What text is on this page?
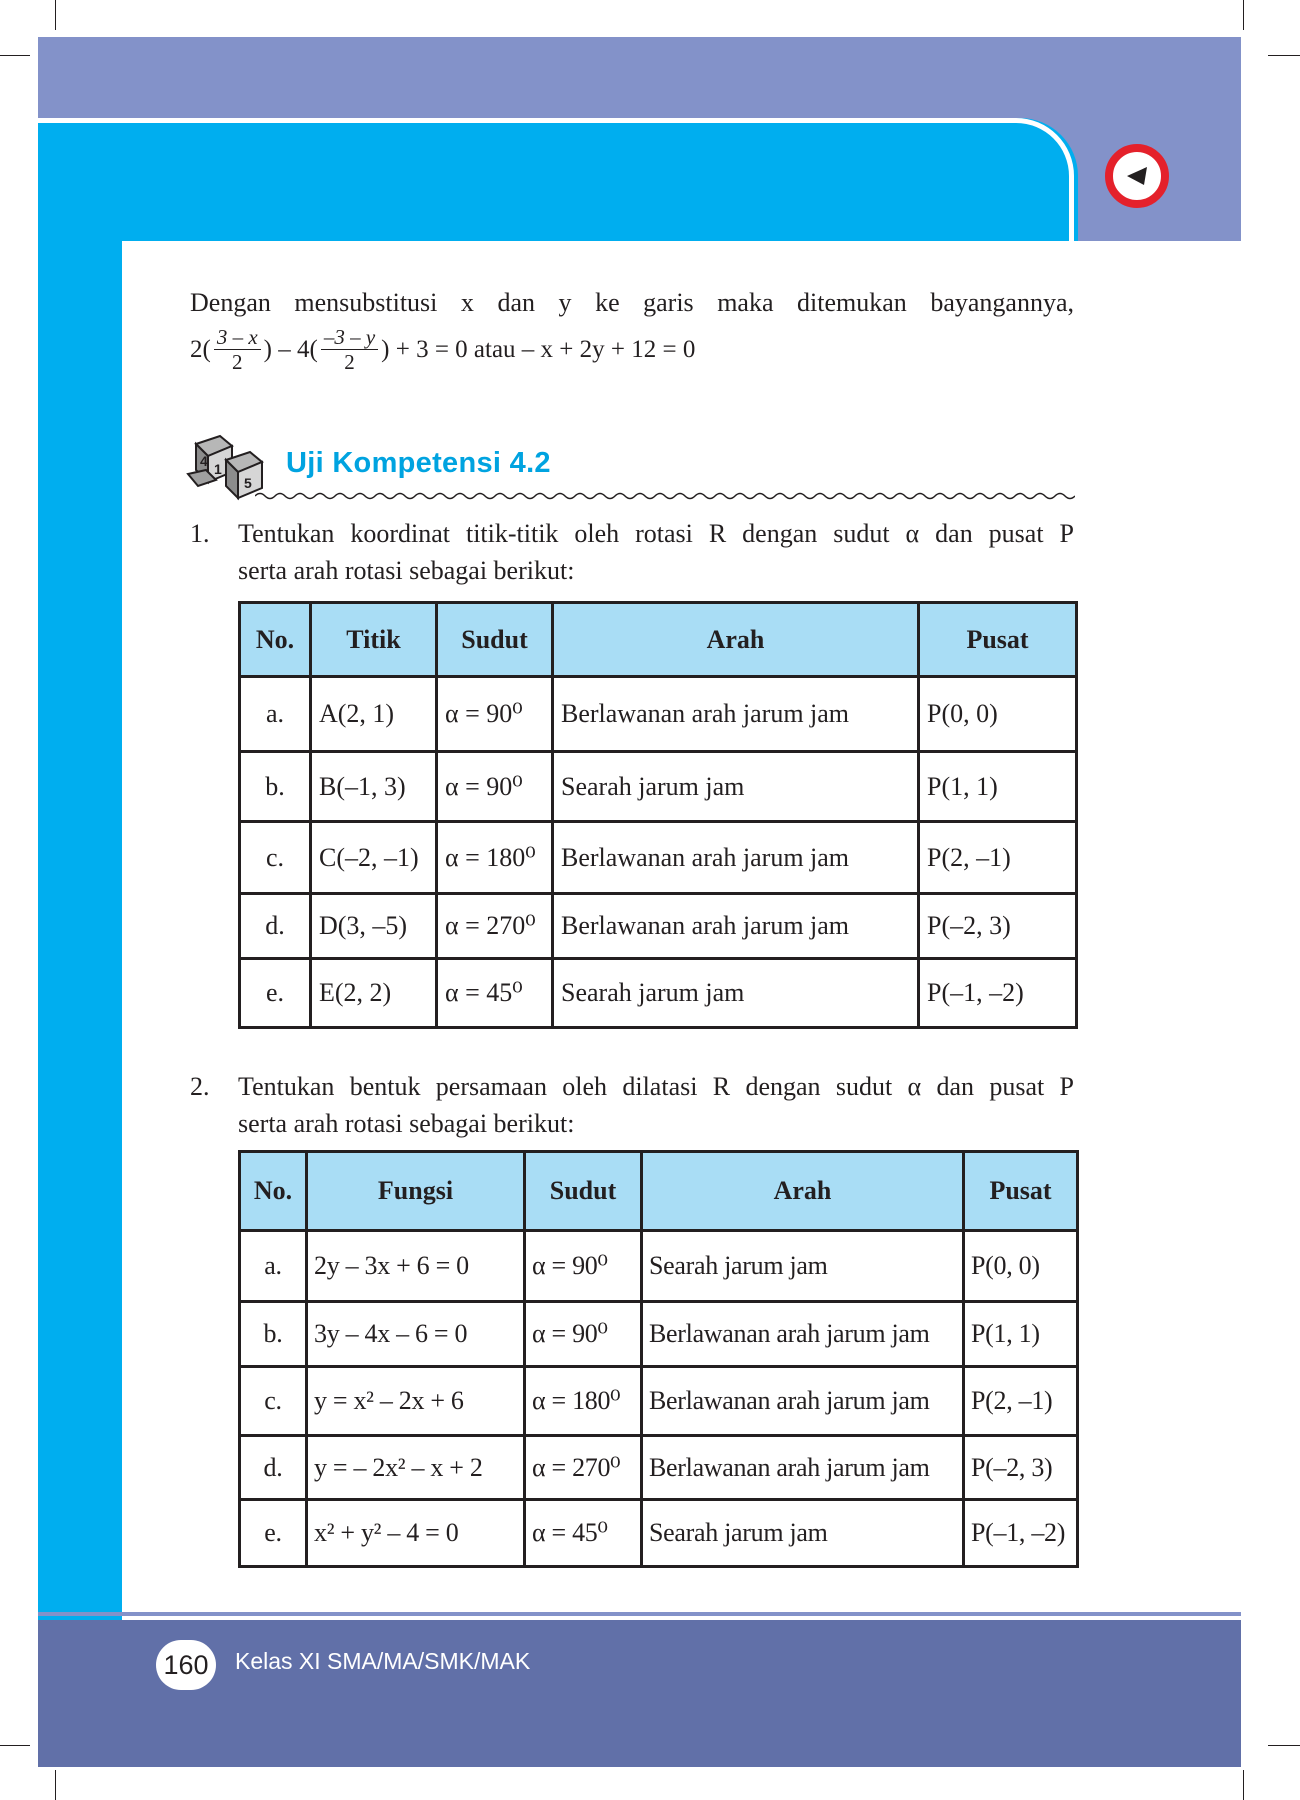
Dengan mensubstitusi x dan y ke garis maka ditemukan bayangannya,
$2( \frac{3 - x}{2}$ ) – $4( \frac{-3 - y}{2}$ ) + 3 = 0 atau – x + 2y + 12 = 0
1
5
4	Uji Kompetensi 4.2
1. Tentukan koordinat titik-titik oleh rotasi R dengan sudut α dan pusat P
serta arah rotasi sebagai berikut:
No.	Titik	Sudut	Arah	Pusat
a.	A(2, 1)	α = 90⁰	Berlawanan arah jarum jam	P(0, 0)
b.	B(–1, 3)	α = 90⁰	Searah jarum jam	P(1, 1)
c.	C(–2, –1)	α = 180⁰	Berlawanan arah jarum jam	P(2, –1)
d.	D(3, –5)	α = 270⁰	Berlawanan arah jarum jam	P(–2, 3)
e.	E(2, 2)	α = 45⁰	Searah jarum jam	P(–1, –2)
2. Tentukan bentuk persamaan oleh dilatasi R dengan sudut α dan pusat P
serta arah rotasi sebagai berikut:
No.	Fungsi	Sudut	Arah	Pusat
a.	2y – 3x + 6 = 0	α = 90⁰	Searah jarum jam	P(0, 0)
b.	3y – 4x – 6 = 0	α = 90⁰	Berlawanan arah jarum jam	P(1, 1)
c.	y = x² – 2x + 6	α = 180⁰	Berlawanan arah jarum jam	P(2, –1)
d.	y = – 2x² – x + 2	α = 270⁰	Berlawanan arah jarum jam	P(–2, 3)
e.	x² + y² – 4 = 0	α = 45⁰	Searah jarum jam	P(–1, –2)
160	Kelas XI SMA/MA/SMK/MAK
